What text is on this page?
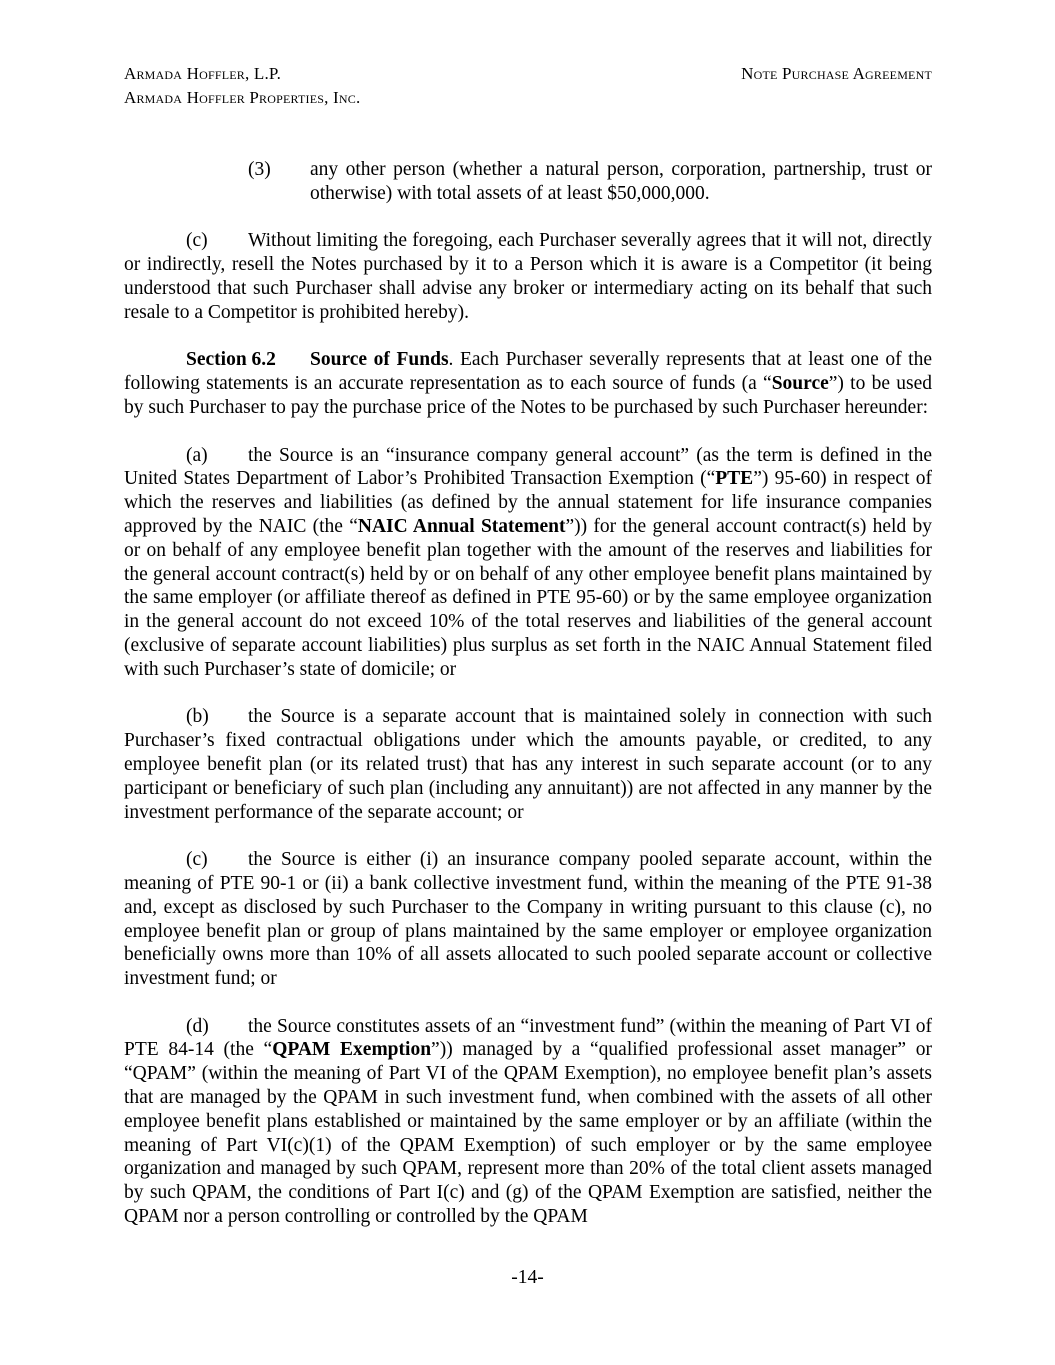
Armada Hoffler, L.P.
Armada Hoffler Properties, Inc.
Note Purchase Agreement

(3) any other person (whether a natural person, corporation, partnership, trust or otherwise) with total assets of at least $50,000,000.

(c) Without limiting the foregoing, each Purchaser severally agrees that it will not, directly or indirectly, resell the Notes purchased by it to a Person which it is aware is a Competitor (it being understood that such Purchaser shall advise any broker or intermediary acting on its behalf that such resale to a Competitor is prohibited hereby).

Section 6.2 Source of Funds. Each Purchaser severally represents that at least one of the following statements is an accurate representation as to each source of funds (a “Source”) to be used by such Purchaser to pay the purchase price of the Notes to be purchased by such Purchaser hereunder:

(a) the Source is an “insurance company general account” (as the term is defined in the United States Department of Labor’s Prohibited Transaction Exemption (“PTE”) 95-60) in respect of which the reserves and liabilities (as defined by the annual statement for life insurance companies approved by the NAIC (the “NAIC Annual Statement”)) for the general account contract(s) held by or on behalf of any employee benefit plan together with the amount of the reserves and liabilities for the general account contract(s) held by or on behalf of any other employee benefit plans maintained by the same employer (or affiliate thereof as defined in PTE 95-60) or by the same employee organization in the general account do not exceed 10% of the total reserves and liabilities of the general account (exclusive of separate account liabilities) plus surplus as set forth in the NAIC Annual Statement filed with such Purchaser’s state of domicile; or

(b) the Source is a separate account that is maintained solely in connection with such Purchaser’s fixed contractual obligations under which the amounts payable, or credited, to any employee benefit plan (or its related trust) that has any interest in such separate account (or to any participant or beneficiary of such plan (including any annuitant)) are not affected in any manner by the investment performance of the separate account; or

(c) the Source is either (i) an insurance company pooled separate account, within the meaning of PTE 90-1 or (ii) a bank collective investment fund, within the meaning of the PTE 91-38 and, except as disclosed by such Purchaser to the Company in writing pursuant to this clause (c), no employee benefit plan or group of plans maintained by the same employer or employee organization beneficially owns more than 10% of all assets allocated to such pooled separate account or collective investment fund; or

(d) the Source constitutes assets of an “investment fund” (within the meaning of Part VI of PTE 84-14 (the “QPAM Exemption”)) managed by a “qualified professional asset manager” or “QPAM” (within the meaning of Part VI of the QPAM Exemption), no employee benefit plan’s assets that are managed by the QPAM in such investment fund, when combined with the assets of all other employee benefit plans established or maintained by the same employer or by an affiliate (within the meaning of Part VI(c)(1) of the QPAM Exemption) of such employer or by the same employee organization and managed by such QPAM, represent more than 20% of the total client assets managed by such QPAM, the conditions of Part I(c) and (g) of the QPAM Exemption are satisfied, neither the QPAM nor a person controlling or controlled by the QPAM

-14-
